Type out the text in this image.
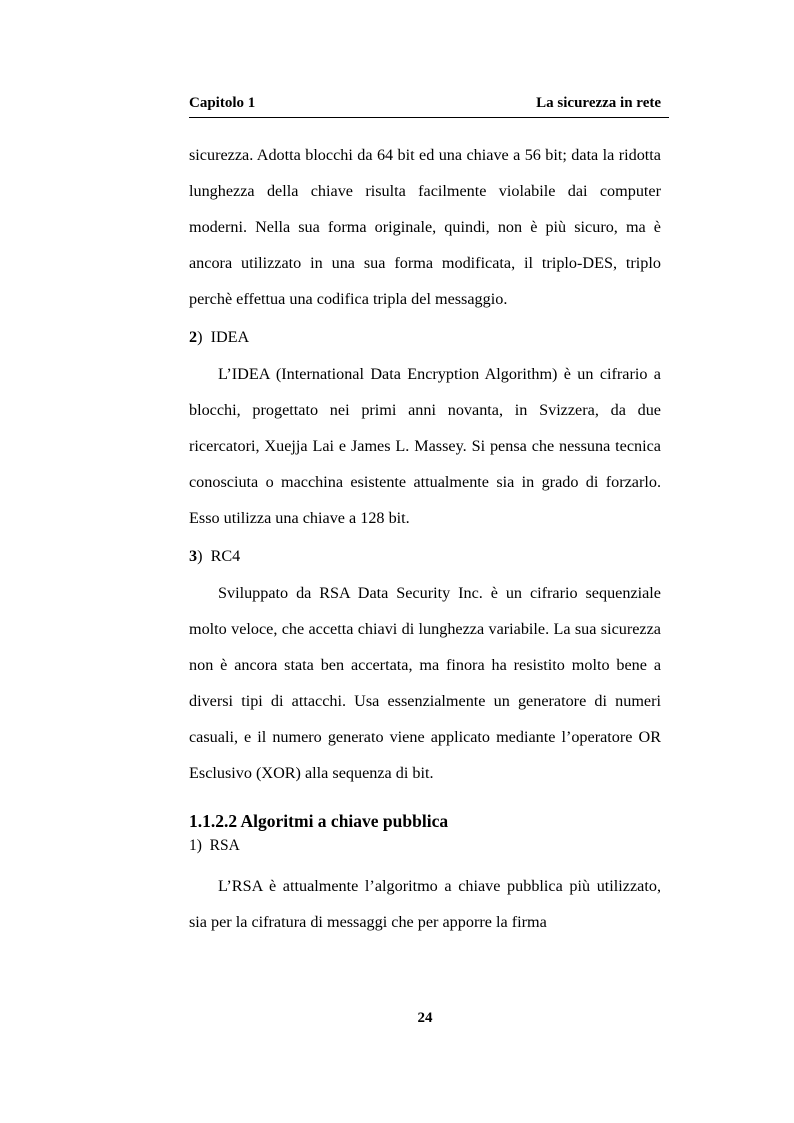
Capitolo 1	La sicurezza in rete

sicurezza. Adotta blocchi da 64 bit ed una chiave a 56 bit; data la ridotta lunghezza della chiave risulta facilmente violabile dai computer moderni. Nella sua forma originale, quindi, non è più sicuro, ma è ancora utilizzato in una sua forma modificata, il triplo-DES, triplo perchè effettua una codifica tripla del messaggio.

2) IDEA

L’IDEA (International Data Encryption Algorithm) è un cifrario a blocchi, progettato nei primi anni novanta, in Svizzera, da due ricercatori, Xuejja Lai e James L. Massey. Si pensa che nessuna tecnica conosciuta o macchina esistente attualmente sia in grado di forzarlo. Esso utilizza una chiave a 128 bit.

3) RC4

Sviluppato da RSA Data Security Inc. è un cifrario sequenziale molto veloce, che accetta chiavi di lunghezza variabile. La sua sicurezza non è ancora stata ben accertata, ma finora ha resistito molto bene a diversi tipi di attacchi. Usa essenzialmente un generatore di numeri casuali, e il numero generato viene applicato mediante l’operatore OR Esclusivo (XOR) alla sequenza di bit.

1.1.2.2 Algoritmi a chiave pubblica
1) RSA

L’RSA è attualmente l’algoritmo a chiave pubblica più utilizzato, sia per la cifratura di messaggi che per apporre la firma

24
